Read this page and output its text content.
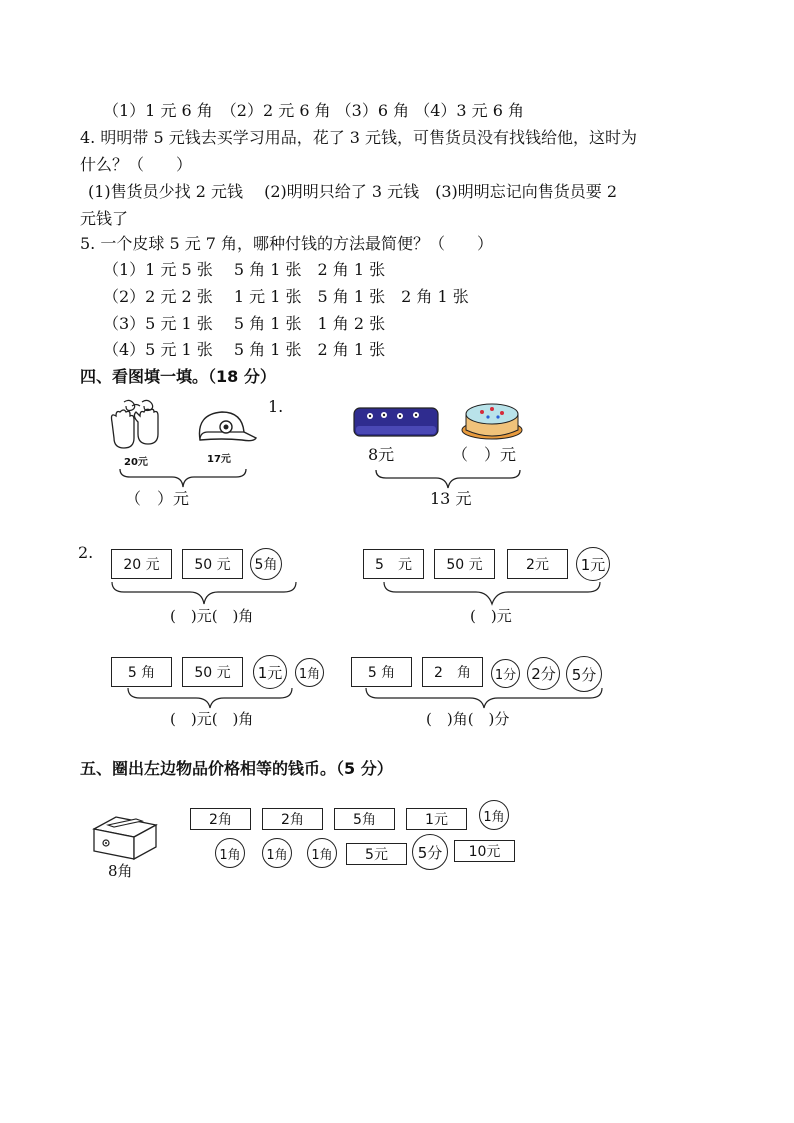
（1）1 元 6 角　（2）2 元 6 角 （3）6 角 （4）3 元 6 角
4. 明明带 5 元钱去买学习用品，花了 3 元钱，可售货员没有找钱给他，这时为
什么？（　　）
(1)售货员少找 2 元钱　 (2)明明只给了 3 元钱　(3)明明忘记向售货员要 2
元钱了
5. 一个皮球 5 元 7 角，哪种付钱的方法最简便？（　　）
（1）1 元 5 张　 5 角 1 张　2 角 1 张
（2）2 元 2 张　 1 元 1 张　5 角 1 张　2 角 1 张
（3）5 元 1 张　 5 角 1 张　1 角 2 张
（4）5 元 1 张　 5 角 1 张　2 角 1 张
四、看图填一填。（18 分）
20元	17元
1.
（　）元
8元	（　）元
13 元
2.
20 元	50 元	5角
(　)元(　)角
5　元	50 元	2元	1元
(　)元
5 角	50 元	1元	1角
(　)元(　)角
5 角	2　角	1分 2分	5分
(　)角(　)分
五、圈出左边物品价格相等的钱币。（5 分）
8角
2角	2角	5角	1元	1角
1角	1角	1角	5元	5分	10元
